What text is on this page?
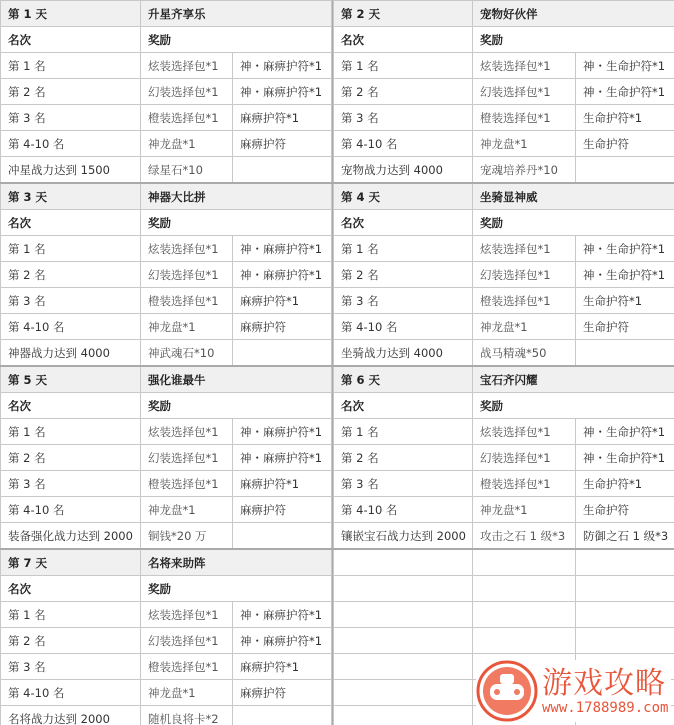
第 1 天	升星齐享乐	
名次	奖励	
第 1 名	炫装选择包*1	神・麻痹护符*1
第 2 名	幻装选择包*1	神・麻痹护符*1
第 3 名	橙装选择包*1	麻痹护符*1
第 4-10 名	神龙盘*1	麻痹护符
冲星战力达到 1500	绿星石*10	
第 3 天	神器大比拼	
名次	奖励	
第 1 名	炫装选择包*1	神・麻痹护符*1
第 2 名	幻装选择包*1	神・麻痹护符*1
第 3 名	橙装选择包*1	麻痹护符*1
第 4-10 名	神龙盘*1	麻痹护符
神器战力达到 4000	神武魂石*10	
第 5 天	强化谁最牛	
名次	奖励	
第 1 名	炫装选择包*1	神・麻痹护符*1
第 2 名	幻装选择包*1	神・麻痹护符*1
第 3 名	橙装选择包*1	麻痹护符*1
第 4-10 名	神龙盘*1	麻痹护符
装备强化战力达到 2000	铜钱*20 万	
第 7 天	名将来助阵	
名次	奖励	
第 1 名	炫装选择包*1	神・麻痹护符*1
第 2 名	幻装选择包*1	神・麻痹护符*1
第 3 名	橙装选择包*1	麻痹护符*1
第 4-10 名	神龙盘*1	麻痹护符
名将战力达到 2000	随机良将卡*2	
第 2 天	宠物好伙伴	
名次	奖励	
第 1 名	炫装选择包*1	神・生命护符*1
第 2 名	幻装选择包*1	神・生命护符*1
第 3 名	橙装选择包*1	生命护符*1
第 4-10 名	神龙盘*1	生命护符
宠物战力达到 4000	宠魂培养丹*10	
第 4 天	坐骑显神威	
名次	奖励	
第 1 名	炫装选择包*1	神・生命护符*1
第 2 名	幻装选择包*1	神・生命护符*1
第 3 名	橙装选择包*1	生命护符*1
第 4-10 名	神龙盘*1	生命护符
坐骑战力达到 4000	战马精魂*50	
第 6 天	宝石齐闪耀	
名次	奖励	
第 1 名	炫装选择包*1	神・生命护符*1
第 2 名	幻装选择包*1	神・生命护符*1
第 3 名	橙装选择包*1	生命护符*1
第 4-10 名	神龙盘*1	生命护符
镶嵌宝石战力达到 2000	攻击之石 1 级*3	防御之石 1 级*3

游戏攻略
www.1788989.com
